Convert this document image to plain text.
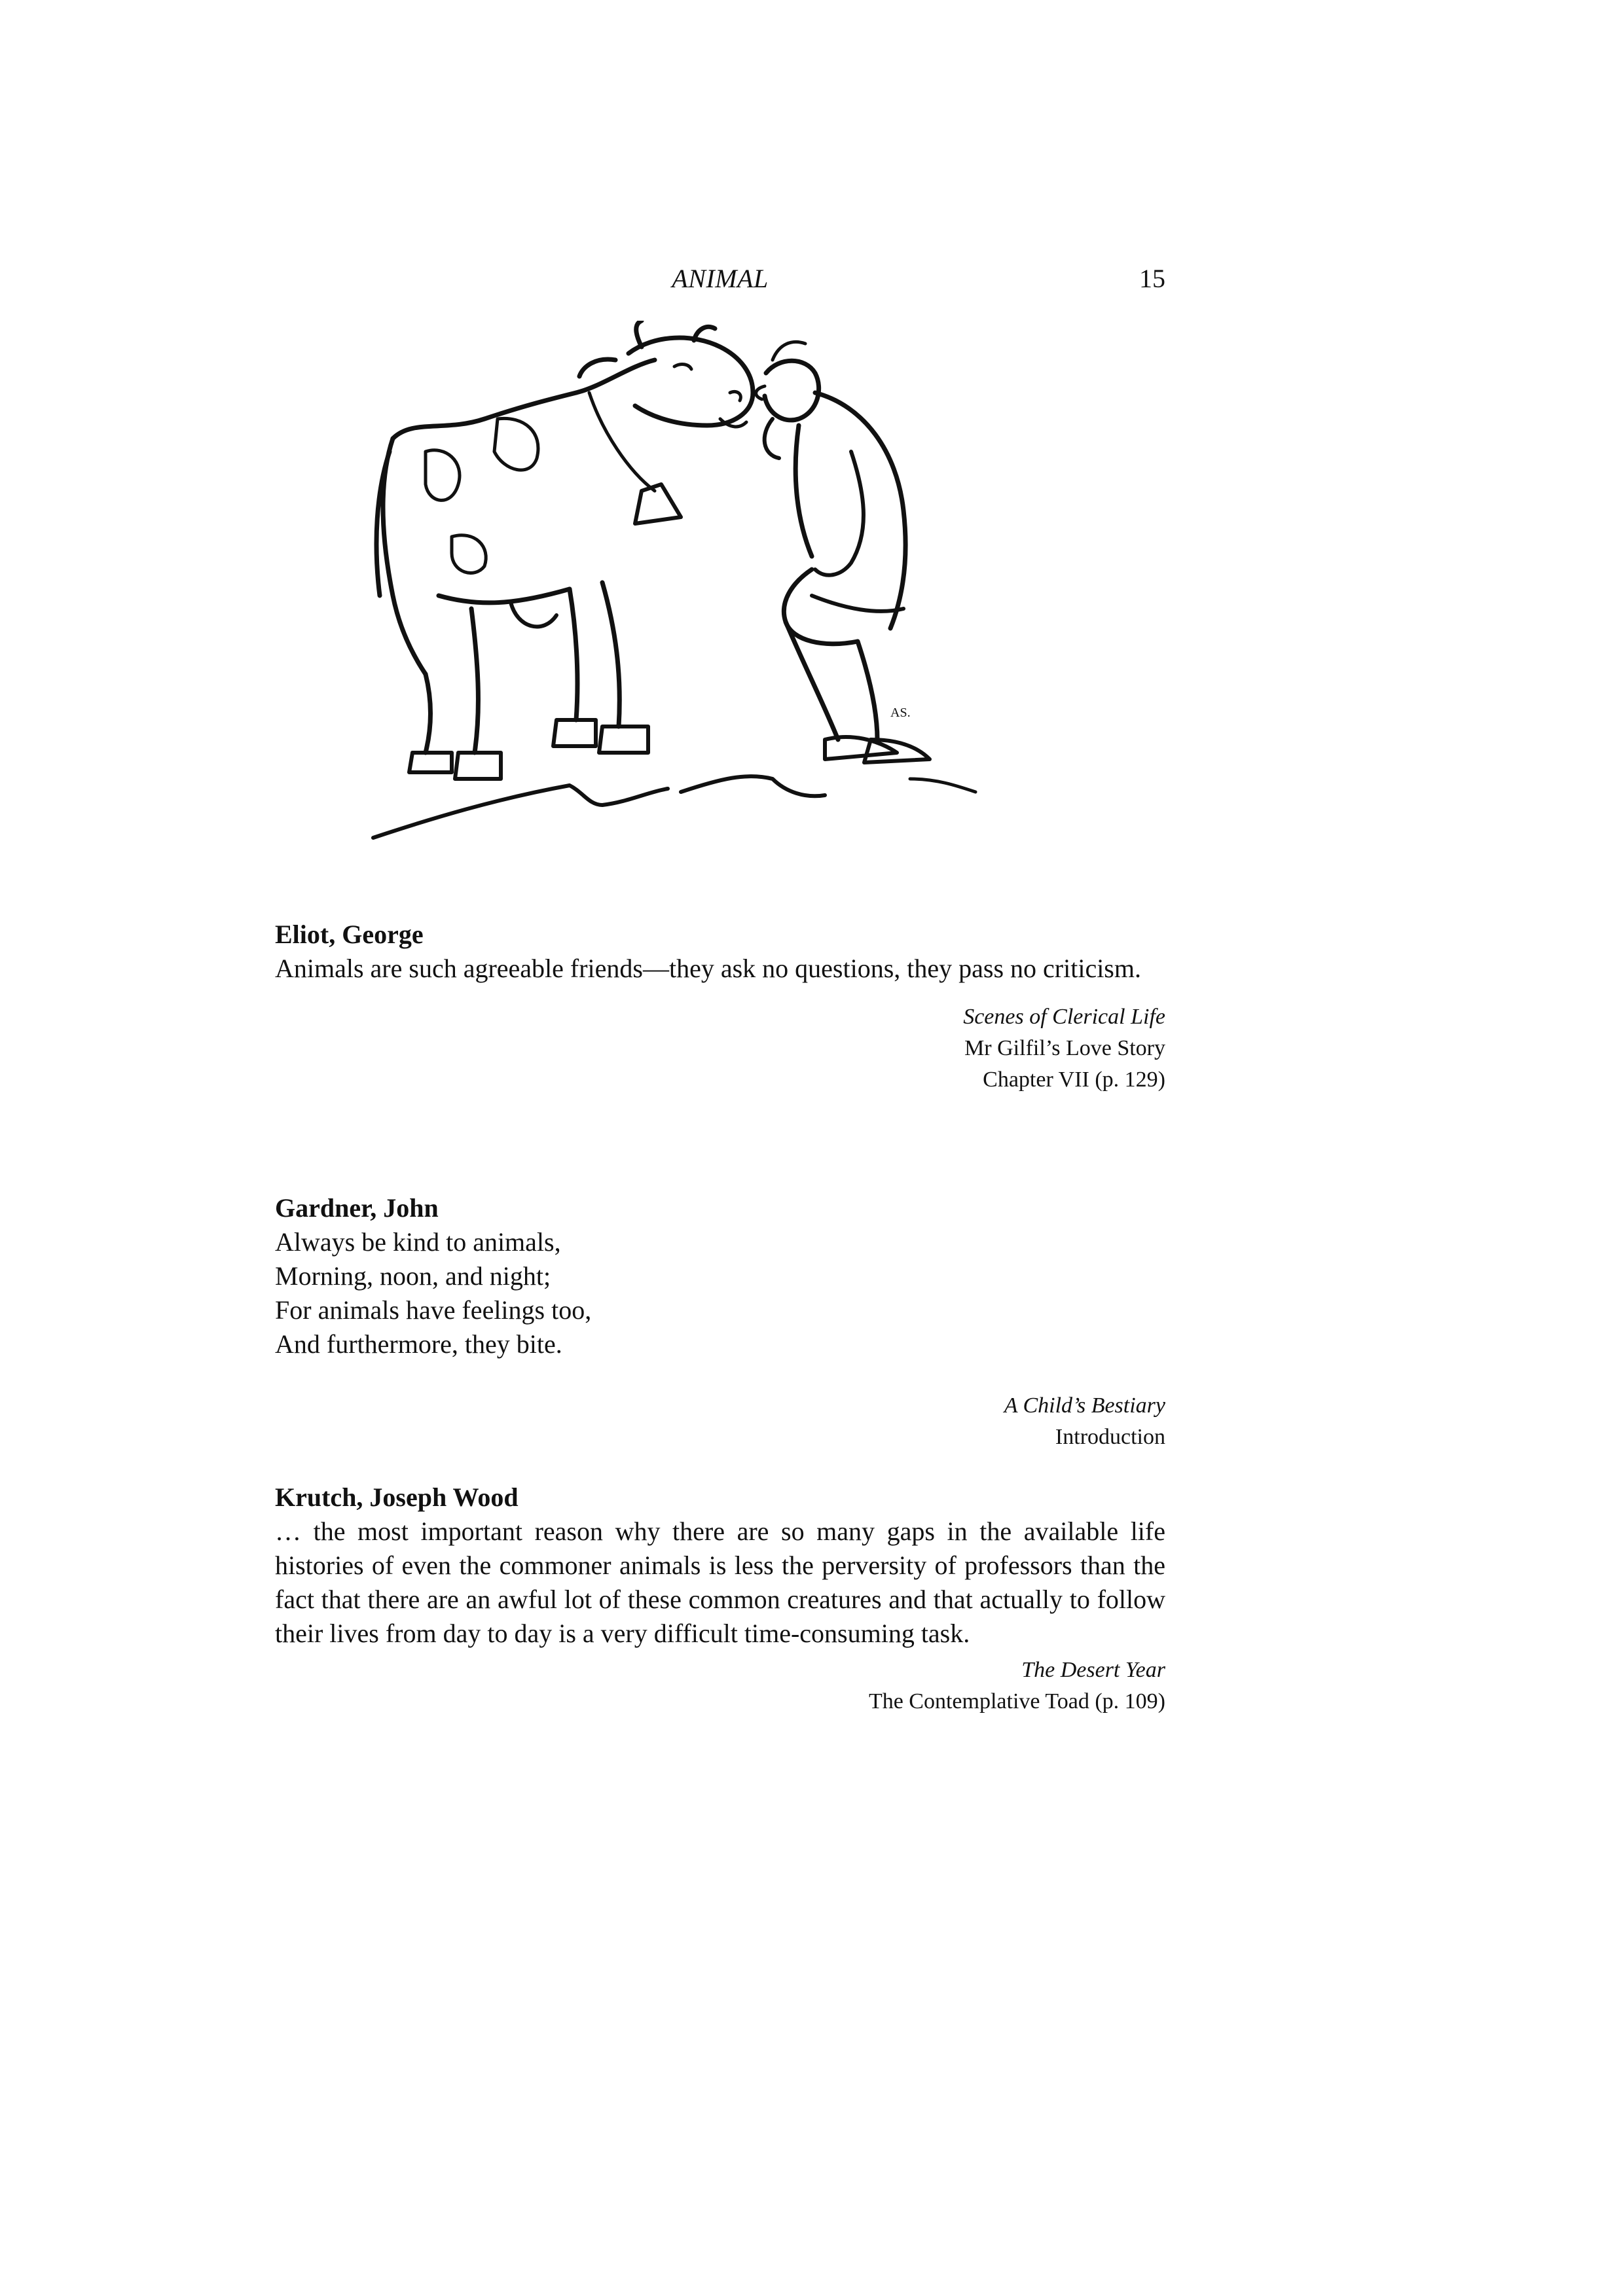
ANIMAL	15
AS.
Eliot, George
Animals are such agreeable friends—they ask no questions, they pass no criticism.
Scenes of Clerical Life
Mr Gilfil’s Love Story
Chapter VII (p. 129)
Gardner, John
Always be kind to animals,
Morning, noon, and night;
For animals have feelings too,
And furthermore, they bite.
A Child’s Bestiary
Introduction
Krutch, Joseph Wood
… the most important reason why there are so many gaps in the available life histories of even the commoner animals is less the perversity of professors than the fact that there are an awful lot of these common creatures and that actually to follow their lives from day to day is a very difficult time-consuming task.
The Desert Year
The Contemplative Toad (p. 109)
